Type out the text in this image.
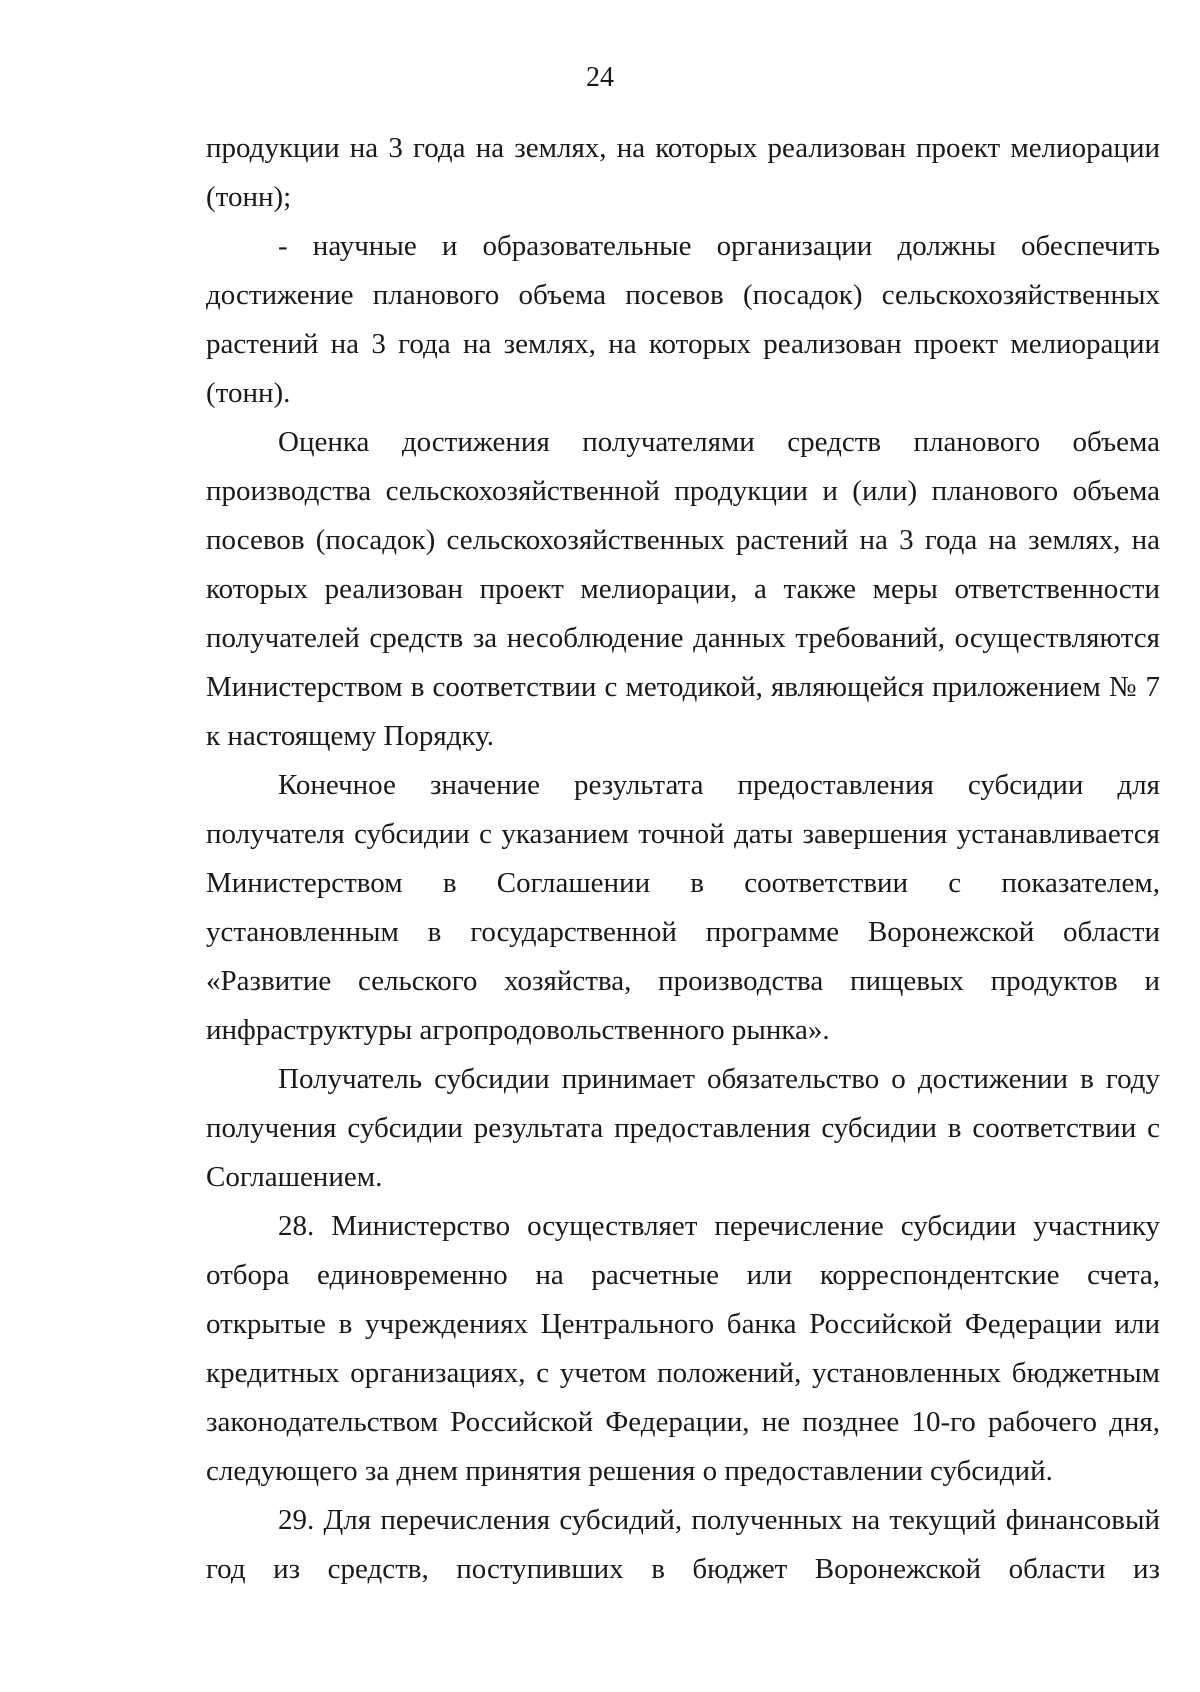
24

продукции на 3 года на землях, на которых реализован проект мелиорации (тонн);

- научные и образовательные организации должны обеспечить достижение планового объема посевов (посадок) сельскохозяйственных растений на 3 года на землях, на которых реализован проект мелиорации (тонн).

Оценка достижения получателями средств планового объема производства сельскохозяйственной продукции и (или) планового объема посевов (посадок) сельскохозяйственных растений на 3 года на землях, на которых реализован проект мелиорации, а также меры ответственности получателей средств за несоблюдение данных требований, осуществляются Министерством в соответствии с методикой, являющейся приложением № 7 к настоящему Порядку.

Конечное значение результата предоставления субсидии для получателя субсидии с указанием точной даты завершения устанавливается Министерством в Соглашении в соответствии с показателем, установленным в государственной программе Воронежской области «Развитие сельского хозяйства, производства пищевых продуктов и инфраструктуры агропродовольственного рынка».

Получатель субсидии принимает обязательство о достижении в году получения субсидии результата предоставления субсидии в соответствии с Соглашением.

28. Министерство осуществляет перечисление субсидии участнику отбора единовременно на расчетные или корреспондентские счета, открытые в учреждениях Центрального банка Российской Федерации или кредитных организациях, с учетом положений, установленных бюджетным законодательством Российской Федерации, не позднее 10-го рабочего дня, следующего за днем принятия решения о предоставлении субсидий.

29. Для перечисления субсидий, полученных на текущий финансовый год из средств, поступивших в бюджет Воронежской области из
